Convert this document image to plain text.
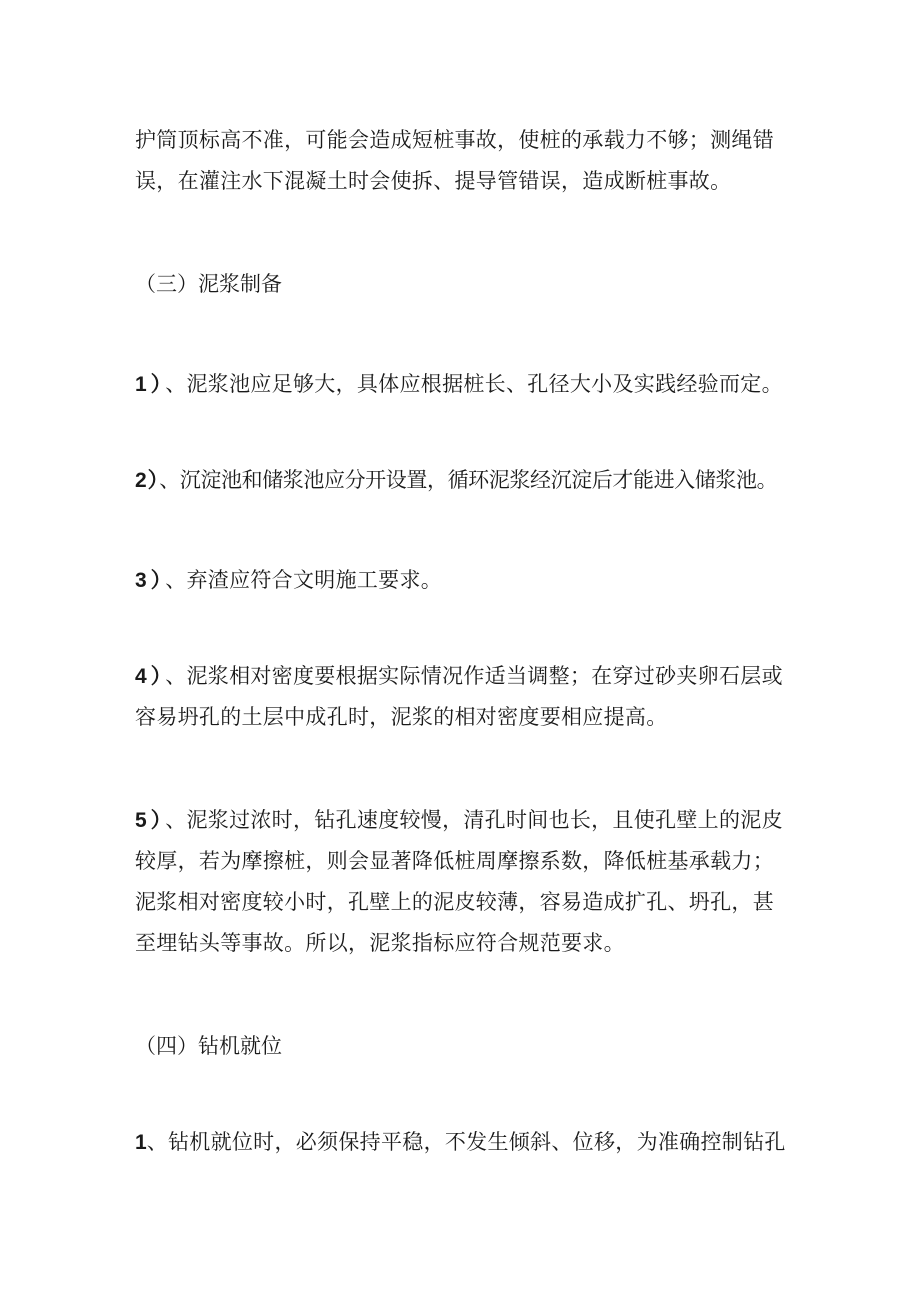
护筒顶标高不准，可能会造成短桩事故，使桩的承载力不够；测绳错
误，在灌注水下混凝土时会使拆、提导管错误，造成断桩事故。

（三）泥浆制备

1）、泥浆池应足够大，具体应根据桩长、孔径大小及实践经验而定。

2）、沉淀池和储浆池应分开设置，循环泥浆经沉淀后才能进入储浆池。

3）、弃渣应符合文明施工要求。

4）、泥浆相对密度要根据实际情况作适当调整；在穿过砂夹卵石层或
容易坍孔的土层中成孔时，泥浆的相对密度要相应提高。

5）、泥浆过浓时，钻孔速度较慢，清孔时间也长，且使孔壁上的泥皮
较厚，若为摩擦桩，则会显著降低桩周摩擦系数，降低桩基承载力；
泥浆相对密度较小时，孔壁上的泥皮较薄，容易造成扩孔、坍孔，甚
至埋钻头等事故。所以，泥浆指标应符合规范要求。

（四）钻机就位

1、钻机就位时，必须保持平稳，不发生倾斜、位移，为准确控制钻孔
